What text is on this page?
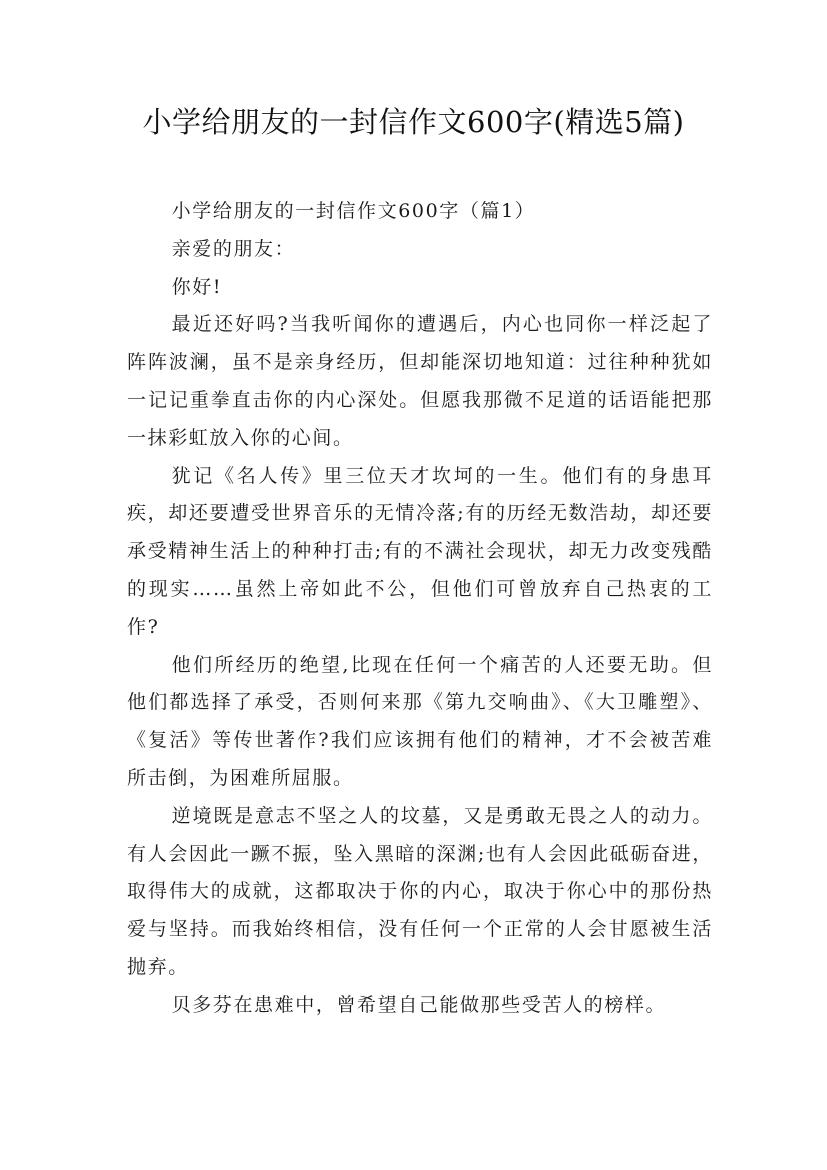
小学给朋友的一封信作文600字(精选5篇)

小学给朋友的一封信作文600字（篇1）

亲爱的朋友：

你好!

最近还好吗?当我听闻你的遭遇后，内心也同你一样泛起了阵阵波澜，虽不是亲身经历，但却能深切地知道：过往种种犹如一记记重拳直击你的内心深处。但愿我那微不足道的话语能把那一抹彩虹放入你的心间。

犹记《名人传》里三位天才坎坷的一生。他们有的身患耳疾，却还要遭受世界音乐的无情冷落;有的历经无数浩劫，却还要承受精神生活上的种种打击;有的不满社会现状，却无力改变残酷的现实……虽然上帝如此不公，但他们可曾放弃自己热衷的工作?

他们所经历的绝望,比现在任何一个痛苦的人还要无助。但他们都选择了承受，否则何来那《第九交响曲》、《大卫雕塑》、《复活》等传世著作?我们应该拥有他们的精神，才不会被苦难所击倒，为困难所屈服。

逆境既是意志不坚之人的坟墓，又是勇敢无畏之人的动力。有人会因此一蹶不振，坠入黑暗的深渊;也有人会因此砥砺奋进，取得伟大的成就，这都取决于你的内心，取决于你心中的那份热爱与坚持。而我始终相信，没有任何一个正常的人会甘愿被生活抛弃。

贝多芬在患难中，曾希望自己能做那些受苦人的榜样。
